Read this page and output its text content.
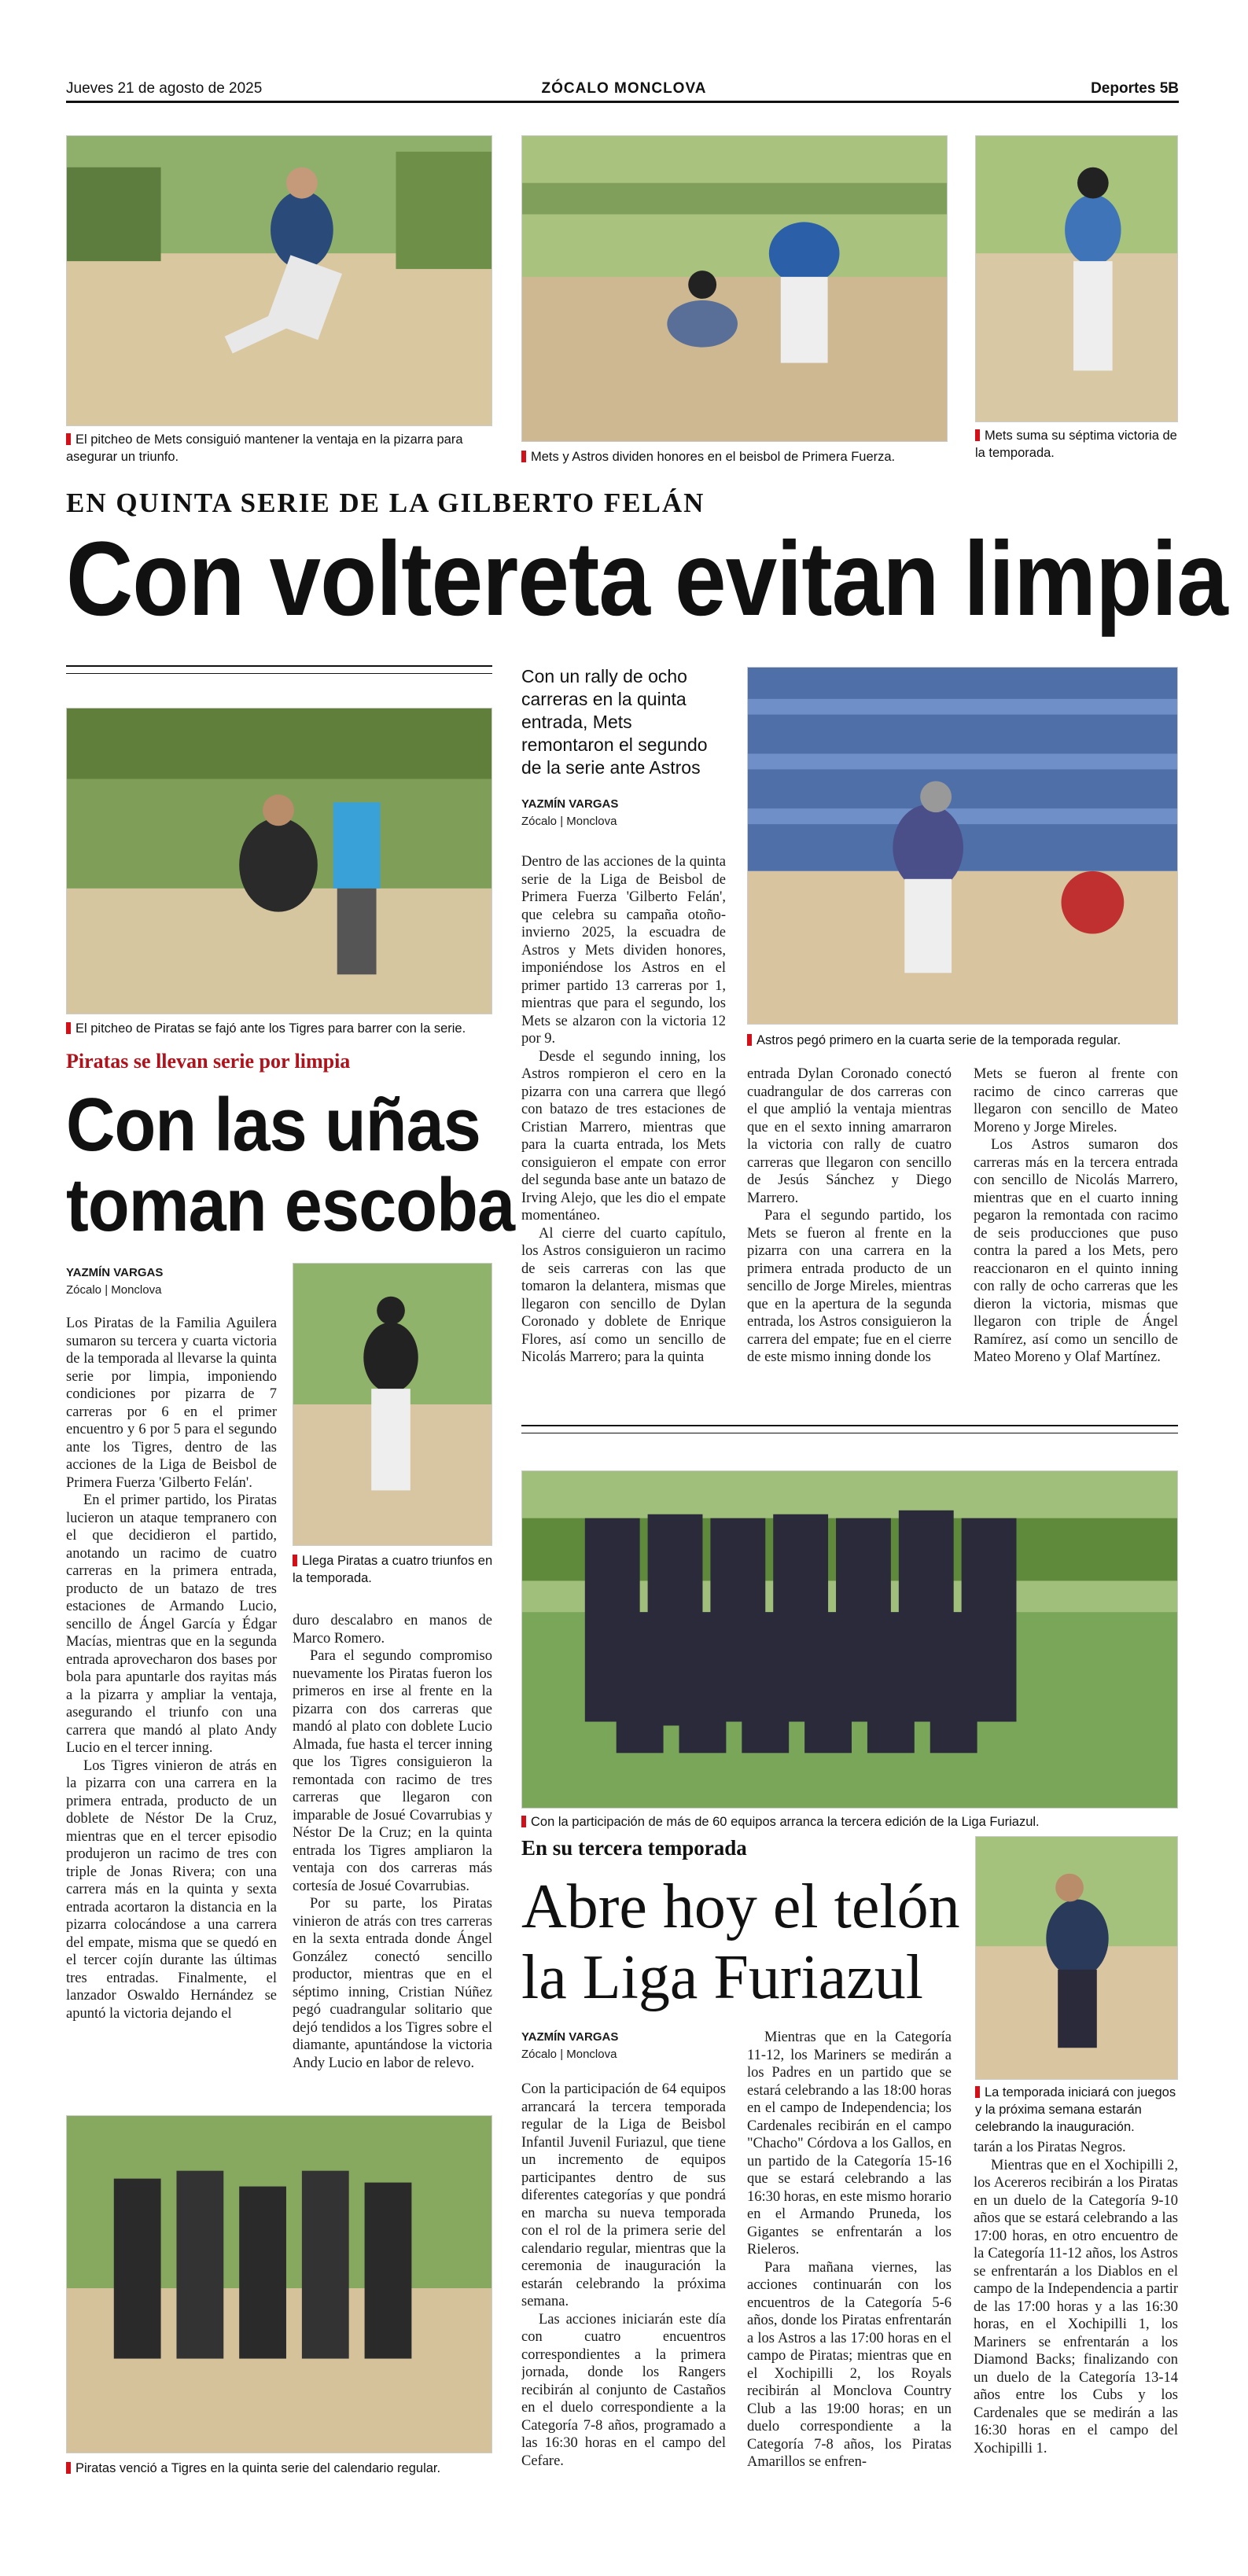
Jueves 21 de agosto de 2025	ZÓCALO MONCLOVA	Deportes 5B
El pitcheo de Mets consiguió mantener la ventaja en la pizarra para asegurar un triunfo.	Mets y Astros dividen honores en el beisbol de Primera Fuerza.
Mets suma su séptima victoria de la temporada.
EN QUINTA SERIE DE LA GILBERTO FELÁN
Con voltereta evitan limpia
El pitcheo de Piratas se fajó ante los Tigres para barrer con la serie.
Piratas se llevan serie por limpia
Con las uñas
toman escoba
YAZMÍN VARGAS
Zócalo | Monclova
Llega Piratas a cuatro triunfos en la temporada.

Los Piratas de la Familia Aguilera sumaron su tercera y cuarta victoria de la temporada al llevarse la quinta serie por limpia, imponiendo condiciones por pizarra de 7 carreras por 6 en el primer encuentro y 6 por 5 para el segundo ante los Tigres, dentro de las acciones de la Liga de Beisbol de Primera Fuerza 'Gilberto Felán'.

En el primer partido, los Piratas lucieron un ataque tempranero con el que decidieron el partido, anotando un racimo de cuatro carreras en la primera entrada, producto de un batazo de tres estaciones de Armando Lucio, sencillo de Ángel García y Édgar Macías, mientras que en la segunda entrada aprovecharon dos bases por bola para apuntarle dos rayitas más a la pizarra y ampliar la ventaja, asegurando el triunfo con una carrera que mandó al plato Andy Lucio en el tercer inning.

Los Tigres vinieron de atrás en la pizarra con una carrera en la primera entrada, producto de un doblete de Néstor De la Cruz, mientras que en el tercer episodio produjeron un racimo de tres con triple de Jonas Rivera; con una carrera más en la quinta y sexta entrada acortaron la distancia en la pizarra colocándose a una carrera del empate, misma que se quedó en el tercer cojín durante las últimas tres entradas. Finalmente, el lanzador Oswaldo Hernández se apuntó la victoria dejando el

duro descalabro en manos de Marco Romero.

Para el segundo compromiso nuevamente los Piratas fueron los primeros en irse al frente en la pizarra con dos carreras que mandó al plato con doblete Lucio Almada, fue hasta el tercer inning que los Tigres consiguieron la remontada con racimo de tres carreras que llegaron con imparable de Josué Covarrubias y Néstor De la Cruz; en la quinta entrada los Tigres ampliaron la ventaja con dos carreras más cortesía de Josué Covarrubias.

Por su parte, los Piratas vinieron de atrás con tres carreras en la sexta entrada donde Ángel González conectó sencillo productor, mientras que en el séptimo inning, Cristian Núñez pegó cuadrangular solitario que dejó tendidos a los Tigres sobre el diamante, apuntándose la victoria Andy Lucio en labor de relevo.

Piratas venció a Tigres en la quinta serie del calendario regular.
Con un rally de ocho carreras en la quinta entrada, Mets remontaron el segundo de la serie ante Astros
YAZMÍN VARGAS
Zócalo | Monclova
Astros pegó primero en la cuarta serie de la temporada regular.

Dentro de las acciones de la quinta serie de la Liga de Beisbol de Primera Fuerza 'Gilberto Felán', que celebra su campaña otoño-invierno 2025, la escuadra de Astros y Mets dividen honores, imponiéndose los Astros en el primer partido 13 carreras por 1, mientras que para el segundo, los Mets se alzaron con la victoria 12 por 9.

Desde el segundo inning, los Astros rompieron el cero en la pizarra con una carrera que llegó con batazo de tres estaciones de Cristian Marrero, mientras que para la cuarta entrada, los Mets consiguieron el empate con error del segunda base ante un batazo de Irving Alejo, que les dio el empate momentáneo.

Al cierre del cuarto capítulo, los Astros consiguieron un racimo de seis carreras con las que tomaron la delantera, mismas que llegaron con sencillo de Dylan Coronado y doblete de Enrique Flores, así como un sencillo de Nicolás Marrero; para la quinta

entrada Dylan Coronado conectó cuadrangular de dos carreras con el que amplió la ventaja mientras que en el sexto inning amarraron la victoria con rally de cuatro carreras que llegaron con sencillo de Jesús Sánchez y Diego Marrero.

Para el segundo partido, los Mets se fueron al frente en la pizarra con una carrera en la primera entrada producto de un sencillo de Jorge Mireles, mientras que en la apertura de la segunda entrada, los Astros consiguieron la carrera del empate; fue en el cierre de este mismo inning donde los

Mets se fueron al frente con racimo de cinco carreras que llegaron con sencillo de Mateo Moreno y Jorge Mireles.

Los Astros sumaron dos carreras más en la tercera entrada con sencillo de Nicolás Marrero, mientras que en el cuarto inning pegaron la remontada con racimo de seis producciones que puso contra la pared a los Mets, pero reaccionaron en el quinto inning con rally de ocho carreras que les dieron la victoria, mismas que llegaron con triple de Ángel Ramírez, así como un sencillo de Mateo Moreno y Olaf Martínez.

Con la participación de más de 60 equipos arranca la tercera edición de la Liga Furiazul.
En su tercera temporada
Abre hoy el telón
la Liga Furiazul
La temporada iniciará con juegos y la próxima semana estarán celebrando la inauguración.
YAZMÍN VARGAS
Zócalo | Monclova

Con la participación de 64 equipos arrancará la tercera temporada regular de la Liga de Beisbol Infantil Juvenil Furiazul, que tiene un incremento de equipos participantes dentro de sus diferentes categorías y que pondrá en marcha su nueva temporada con el rol de la primera serie del calendario regular, mientras que la ceremonia de inauguración la estarán celebrando la próxima semana.

Las acciones iniciarán este día con cuatro encuentros correspondientes a la primera jornada, donde los Rangers recibirán al conjunto de Castaños en el duelo correspondiente a la Categoría 7-8 años, programado a las 16:30 horas en el campo del Cefare.

Mientras que en la Categoría 11-12, los Mariners se medirán a los Padres en un partido que se estará celebrando a las 18:00 horas en el campo de Independencia; los Cardenales recibirán en el campo "Chacho" Córdova a los Gallos, en un partido de la Categoría 15-16 que se estará celebrando a las 16:30 horas, en este mismo horario en el Armando Pruneda, los Gigantes se enfrentarán a los Rieleros.

Para mañana viernes, las acciones continuarán con los encuentros de la Categoría 5-6 años, donde los Piratas enfrentarán a los Astros a las 17:00 horas en el campo de Piratas; mientras que en el Xochipilli 2, los Royals recibirán al Monclova Country Club a las 19:00 horas; en un duelo correspondiente a la Categoría 7-8 años, los Piratas Amarillos se enfren-

tarán a los Piratas Negros.

Mientras que en el Xochipilli 2, los Acereros recibirán a los Piratas en un duelo de la Categoría 9-10 años que se estará celebrando a las 17:00 horas, en otro encuentro de la Categoría 11-12 años, los Astros se enfrentarán a los Diablos en el campo de la Independencia a partir de las 17:00 horas y a las 16:30 horas, en el Xochipilli 1, los Mariners se enfrentarán a los Diamond Backs; finalizando con un duelo de la Categoría 13-14 años entre los Cubs y los Cardenales que se medirán a las 16:30 horas en el campo del Xochipilli 1.
